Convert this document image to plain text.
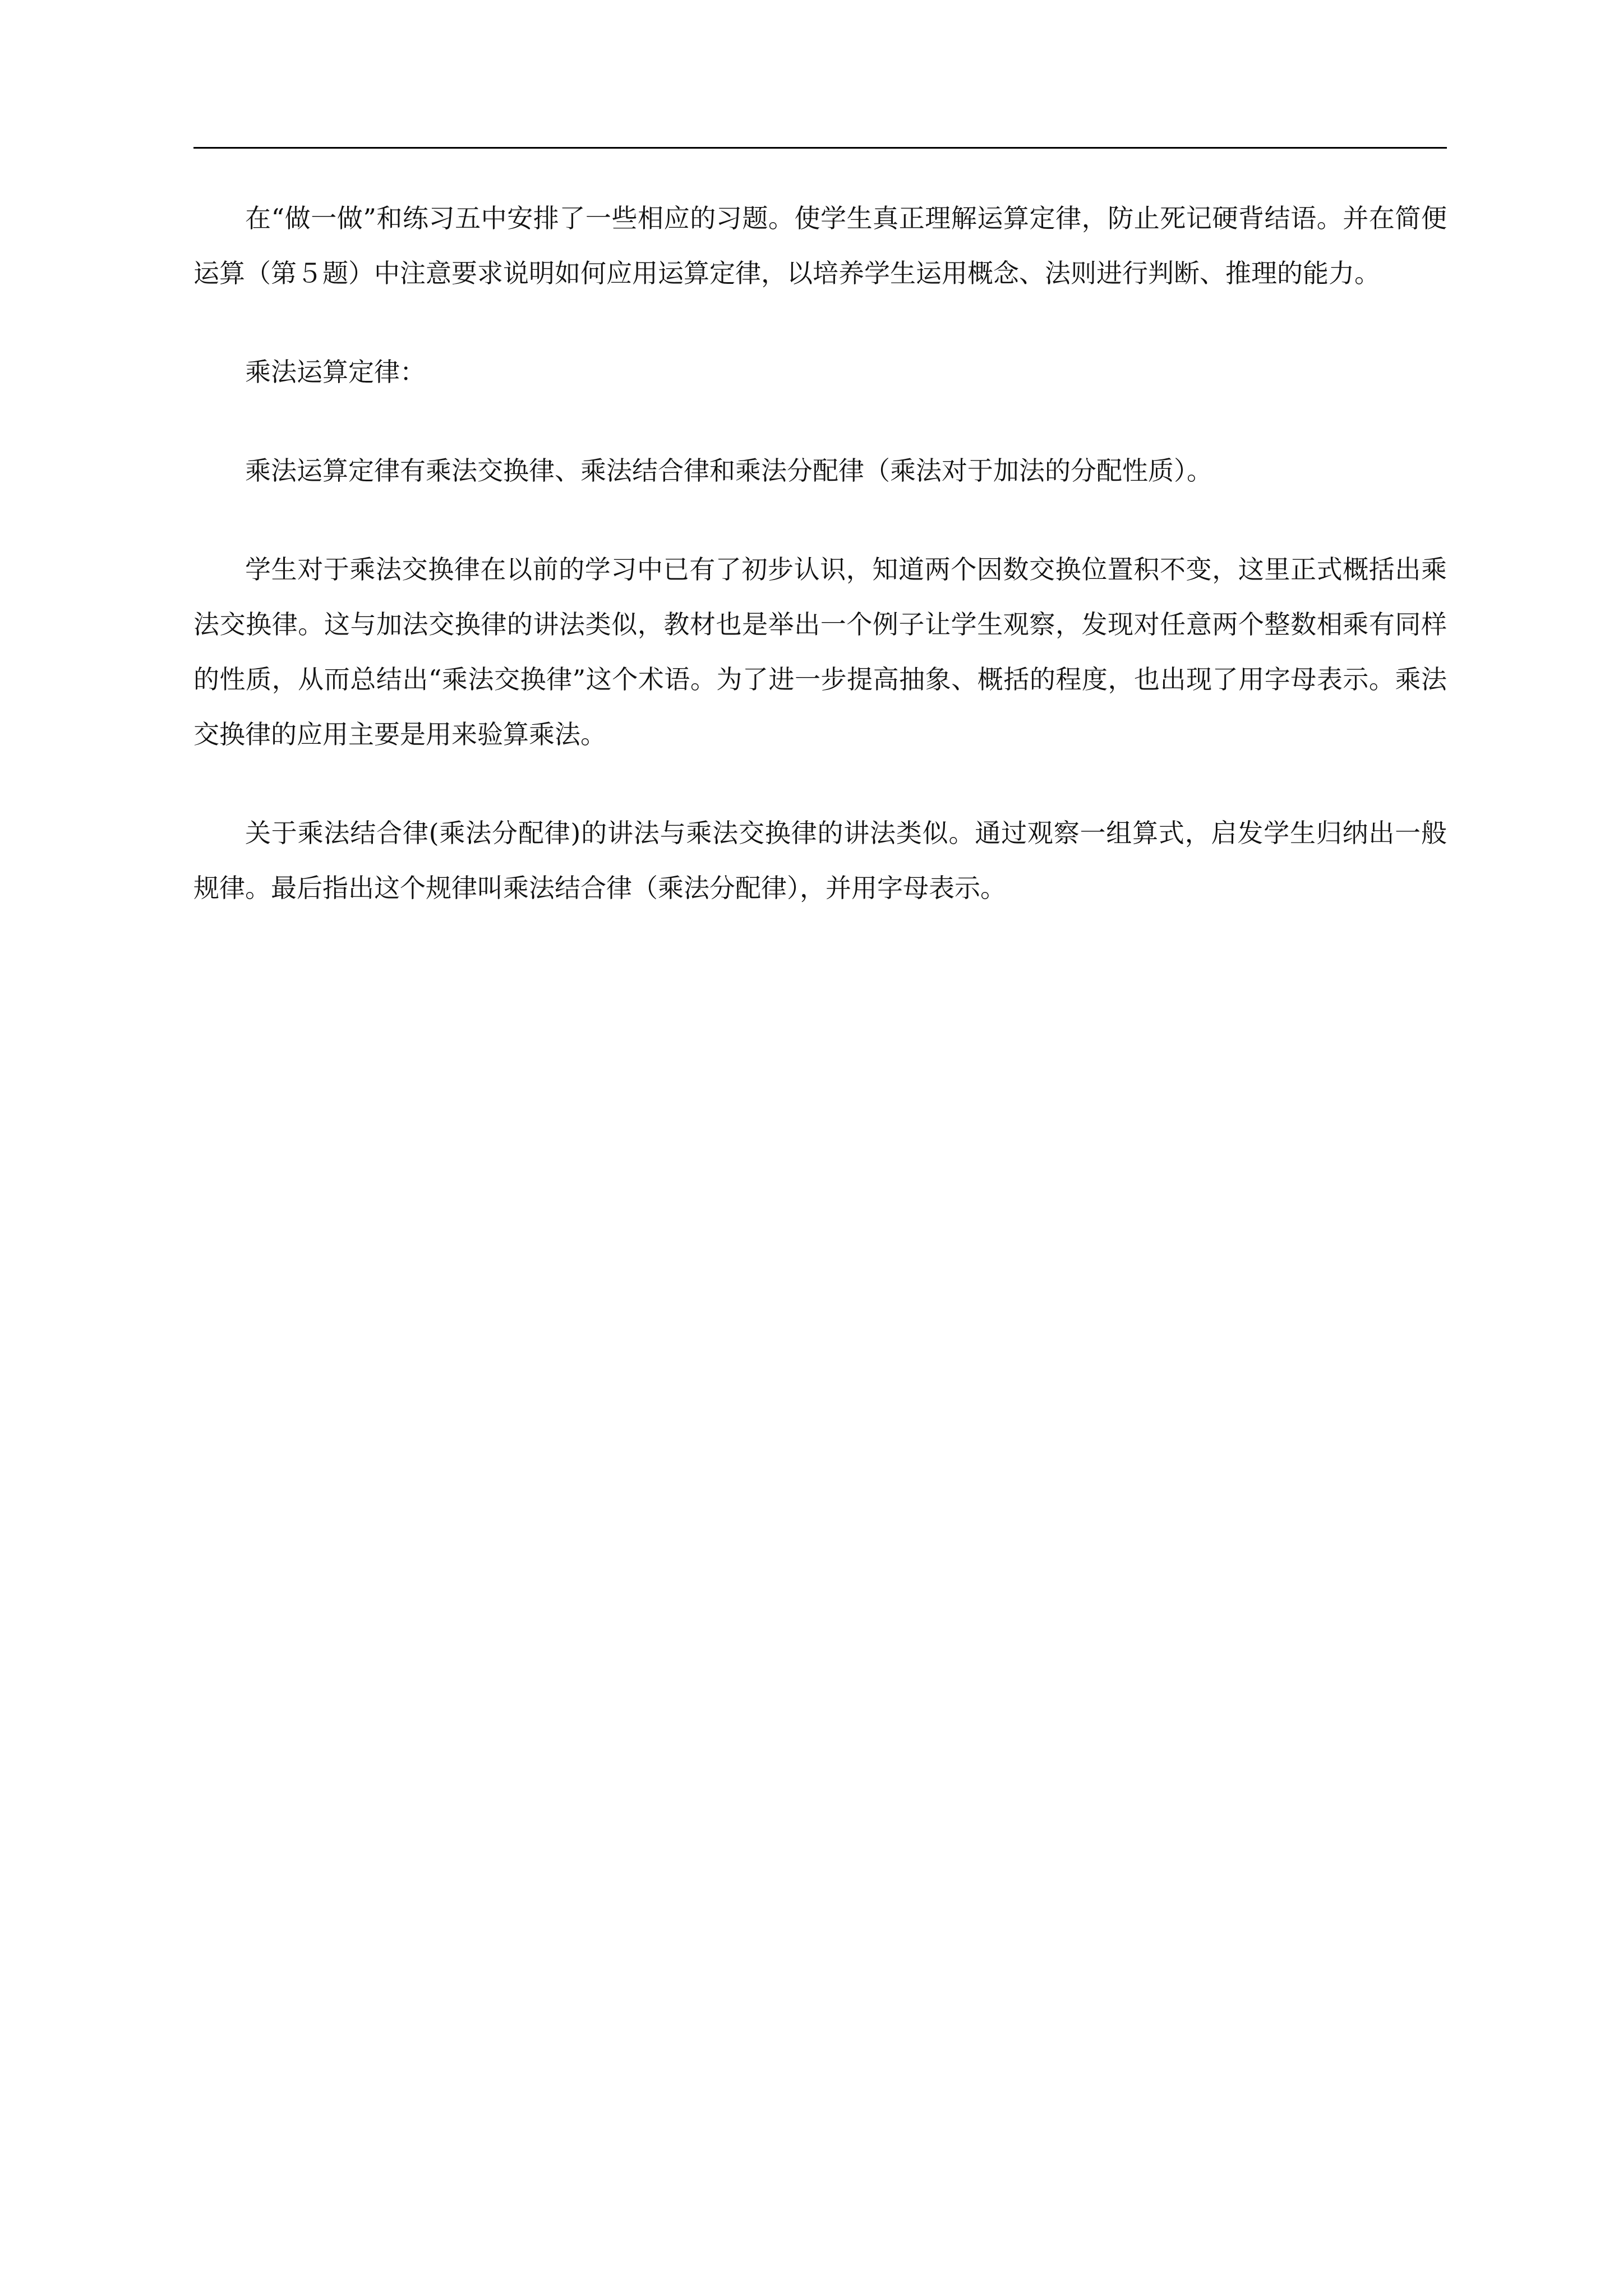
在“做一做”和练习五中安排了一些相应的习题。使学生真正理解运算定律，防止死记硬背结语。并在简便运算（第５题）中注意要求说明如何应用运算定律，以培养学生运用概念、法则进行判断、推理的能力。

乘法运算定律：

乘法运算定律有乘法交换律、乘法结合律和乘法分配律（乘法对于加法的分配性质）。

学生对于乘法交换律在以前的学习中已有了初步认识，知道两个因数交换位置积不变，这里正式概括出乘法交换律。这与加法交换律的讲法类似，教材也是举出一个例子让学生观察，发现对任意两个整数相乘有同样的性质，从而总结出“乘法交换律”这个术语。为了进一步提高抽象、概括的程度，也出现了用字母表示。乘法交换律的应用主要是用来验算乘法。

关于乘法结合律(乘法分配律)的讲法与乘法交换律的讲法类似。通过观察一组算式，启发学生归纳出一般规律。最后指出这个规律叫乘法结合律（乘法分配律），并用字母表示。
